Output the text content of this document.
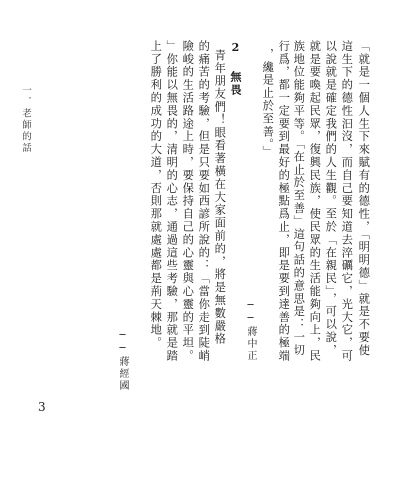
「就是一個人生下來賦有的德性，「明明德」就是不要使
這生下的德性汩沒，而自己要知道去淬礪它，光大它，可
以說就是確定我們的人生觀。至於「在親民」，可以說，
就是要喚起民眾，復興民族，使民眾的生活能夠向上，民
族地位能夠平等。「在止於至善」這句話的意思是：一切
行爲，都一定要到最好的極點爲止，即是要到達善的極端
，纔是止於至善。」
──蔣中正
2 無畏
青年朋友們！眼看著橫在大家面前的，將是無數嚴格
的痛苦的考驗，但是只要如西諺所說的：「當你走到陡峭
險峻的生活路途上時，要保持自己的心靈與心靈的平坦。
」你能以無畏的，清明的心志，通過這些考驗，那就是踏
上了勝利的成功的大道，否則那就處處都是荊天棘地。
──蔣經國
一．老師的話
3
